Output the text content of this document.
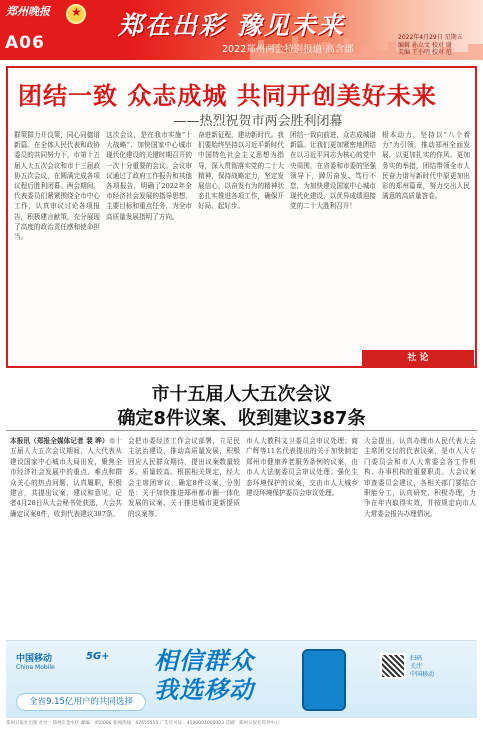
郑州晚报
★
A06
郑在出彩 豫见未来
2022郑州两会特别报道·高含部
2022年4月29日 星期五
编辑 孙立文 校对 谢
美编 王小明 校对 范
团结一致 众志成城 共同开创美好未来
——热烈祝贺市两会胜利闭幕
群策群力开良策，同心同德谱新篇。在全体人民代表和政协委员的共同努力下，市第十五届人大五次会议和市十三届政协五次会议，在圆满完成各项议程后胜利闭幕。两会期间，代表委员们紧紧围绕全市中心工作，认真审议讨论各项报告，积极建言献策，充分展现了高度的政治责任感和使命担当。
这次会议，是在我市实施“十大战略”、加快国家中心城市现代化建设的关键时期召开的一次十分重要的会议。会议审议通过了政府工作报告和其他各项报告，明确了2022年全市经济社会发展的指导思想、主要目标和重点任务，为全市高质量发展指明了方向。
奋进新征程，建功新时代。我们要始终坚持以习近平新时代中国特色社会主义思想为指导，深入贯彻落实党的二十大精神，保持战略定力，坚定发展信心，以奋发有为的精神状态扎实推进各项工作，确保开好局、起好步。
团结一致向前进，众志成城谱新篇。让我们更加紧密地团结在以习近平同志为核心的党中央周围，在省委和市委的坚强领导下，踔厉奋发、笃行不怠，为加快建设国家中心城市现代化建设，以优异成绩迎接党的二十大胜利召开！
根本动力，坚持以“八个着力”为引领，推动郑州全面发展。以更加扎实的作风、更加务实的举措，团结带领全市人民奋力谱写新时代中原更加出彩的郑州篇章，努力交出人民满意的高质量答卷。
社 论
市十五届人大五次会议
确定8件议案、收到建议387条
本报讯（郑报全媒体记者 裴 晔）市十五届人大五次会议期间，人大代表从建设国家中心城市大局出发，聚焦全市经济社会发展中的重点、难点和群众关心的热点问题，认真履职，积极建言，共提出议案、建议和意见。记者4月28日从大会秘书处获悉，大会共确定议案8件，收到代表建议387条。
会把市委经济工作会议部署，立足民主法治建设，推动高质量发展，积极回应人民群众期待，提出议案数量较多、质量较高。根据相关规定，经大会主席团审议，确定8件议案，分别是：关于加快推进郑州都市圈一体化发展的议案、关于推进城市更新提质的议案等。
市人大教科文卫委员会审议处理；商广辉等11名代表提出的关于加快制定郑州市健康养老服务条例的议案，由市人大法制委员会审议处理；强化生态环境保护的议案，交由市人大城乡建设环境保护委员会审议处理。
大会提出，认真办理市人民代表大会主席团交付的代表议案，是市人大专门委员会和市人大常委会各工作机构、办事机构的重要职责。大会议案审查委员会建议，各相关部门要结合职能分工，认真研究、积极办理，力争在年内取得实效，并按规定向市人大常委会报告办理情况。
中国移动
China Mobile
5G+ 相信群众
我选移动
全省9.15亿用户的共同选择
扫码
关注
中国移动
郑州日报社出版 社址：郑州市金水区 邮编：450000 新闻热线：67655555 广告许可证：4100004000003 印刷：郑州日报社印务中心
